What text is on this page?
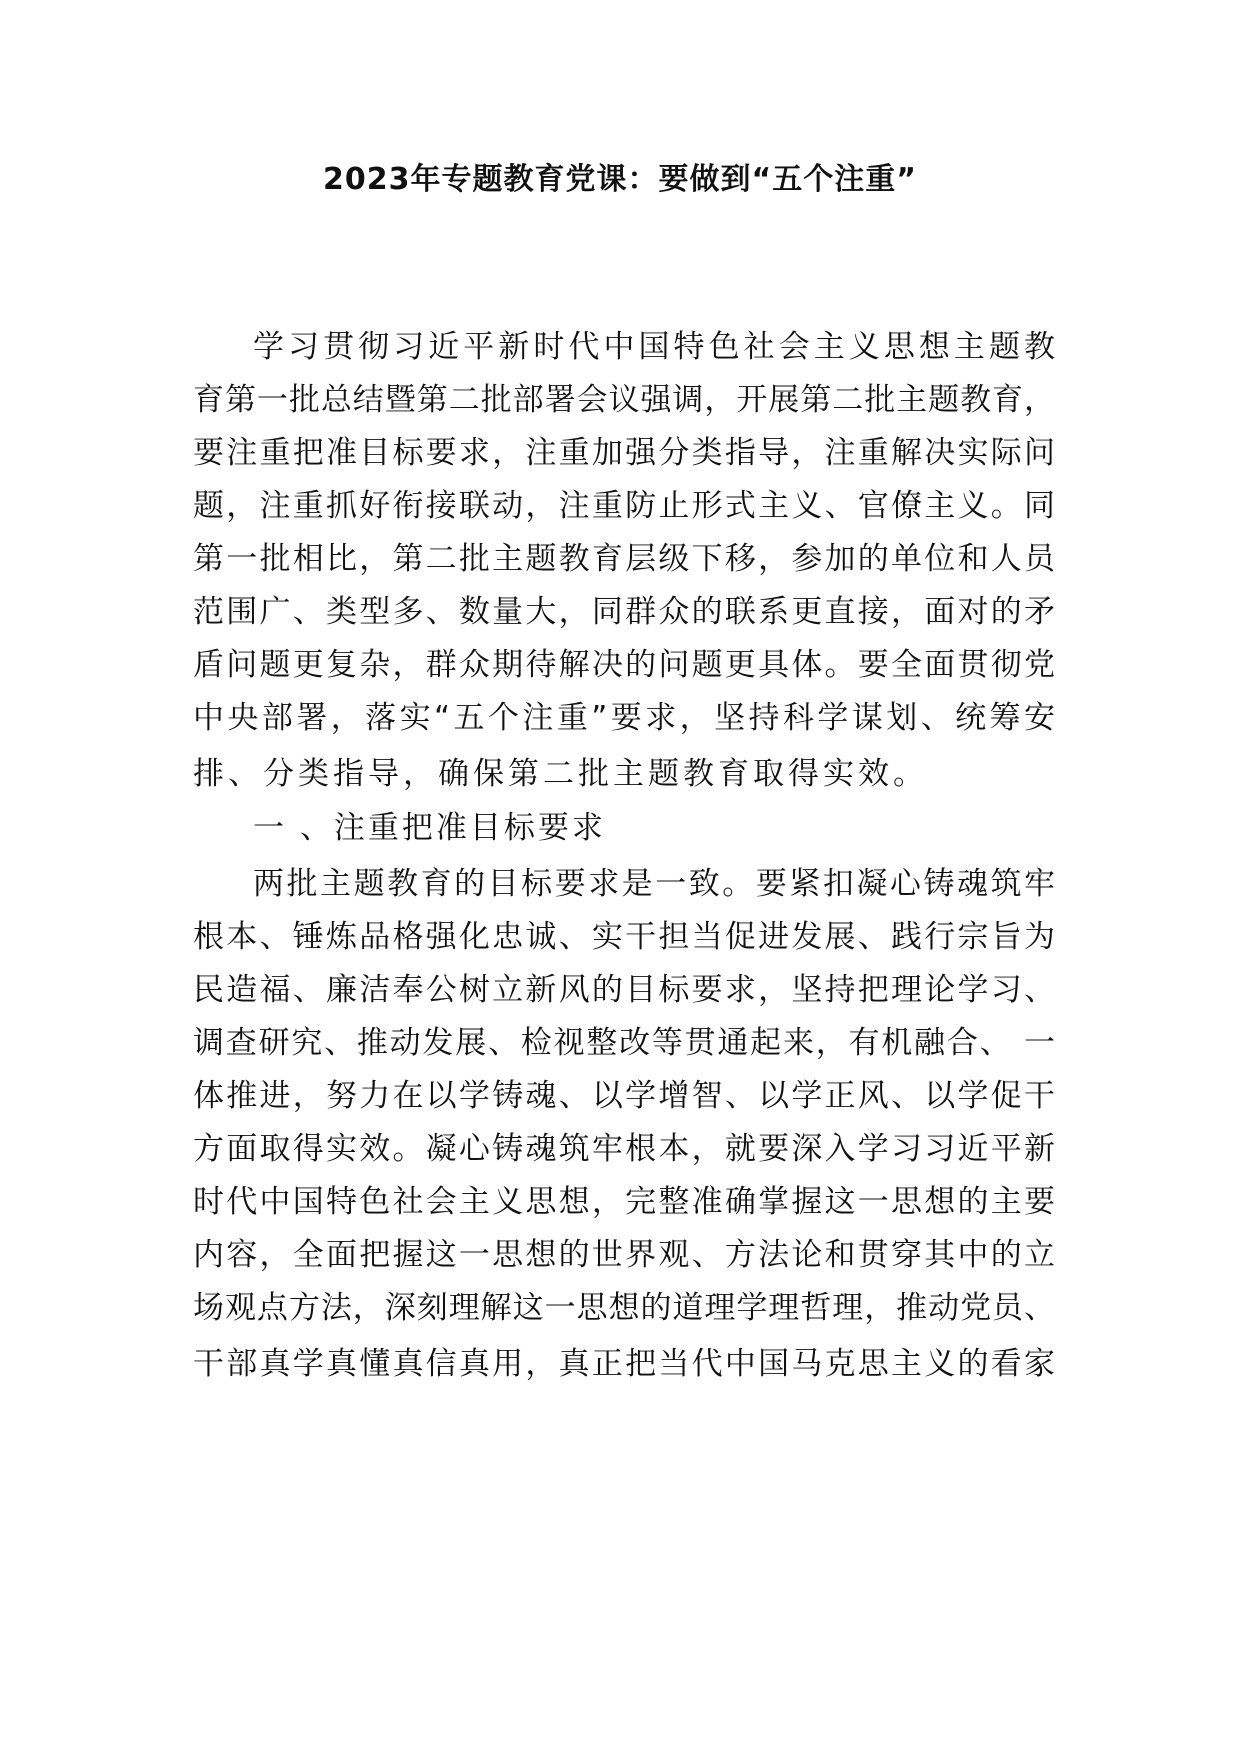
2023年专题教育党课：要做到“五个注重”
学习贯彻习近平新时代中国特色社会主义思想主题教
育第一批总结暨第二批部署会议强调，开展第二批主题教育，
要注重把准目标要求，注重加强分类指导，注重解决实际问
题，注重抓好衔接联动，注重防止形式主义、官僚主义。同
第一批相比，第二批主题教育层级下移，参加的单位和人员
范围广、类型多、数量大，同群众的联系更直接，面对的矛
盾问题更复杂，群众期待解决的问题更具体。要全面贯彻党
中央部署，落实“五个注重”要求，坚持科学谋划、统筹安
排、分类指导，确保第二批主题教育取得实效。
一 、注重把准目标要求
两批主题教育的目标要求是一致。要紧扣凝心铸魂筑牢
根本、锤炼品格强化忠诚、实干担当促进发展、践行宗旨为
民造福、廉洁奉公树立新风的目标要求，坚持把理论学习、
调查研究、推动发展、检视整改等贯通起来，有机融合、 一
体推进，努力在以学铸魂、以学增智、以学正风、以学促干
方面取得实效。凝心铸魂筑牢根本，就要深入学习习近平新
时代中国特色社会主义思想，完整准确掌握这一思想的主要
内容，全面把握这一思想的世界观、方法论和贯穿其中的立
场观点方法，深刻理解这一思想的道理学理哲理，推动党员、
干部真学真懂真信真用，真正把当代中国马克思主义的看家
